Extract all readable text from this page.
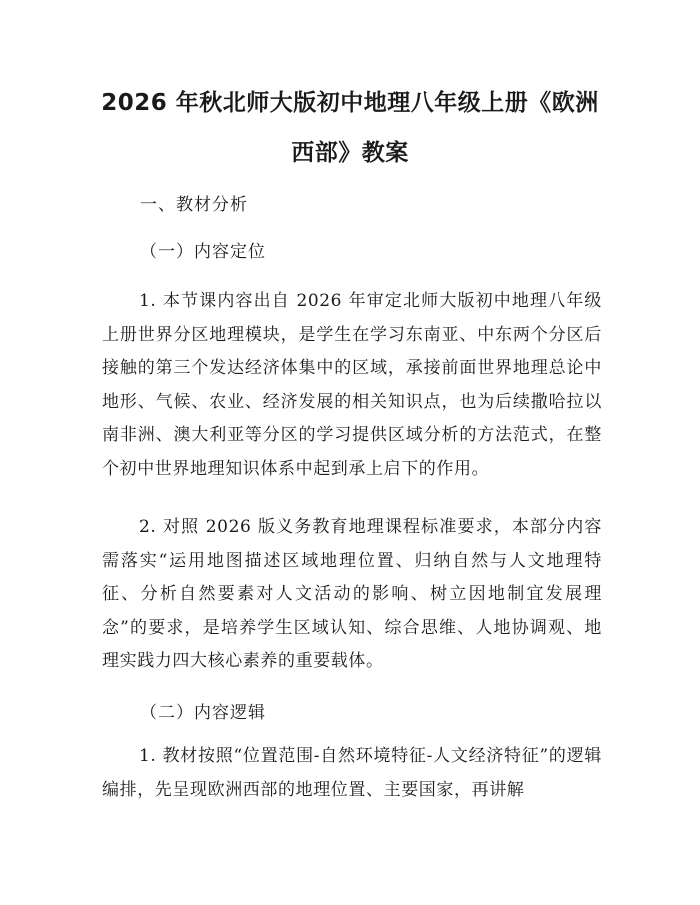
2026 年秋北师大版初中地理八年级上册《欧洲西部》教案

一、教材分析

（一）内容定位

1. 本节课内容出自 2026 年审定北师大版初中地理八年级上册世界分区地理模块，是学生在学习东南亚、中东两个分区后接触的第三个发达经济体集中的区域，承接前面世界地理总论中地形、气候、农业、经济发展的相关知识点，也为后续撒哈拉以南非洲、澳大利亚等分区的学习提供区域分析的方法范式，在整个初中世界地理知识体系中起到承上启下的作用。

2. 对照 2026 版义务教育地理课程标准要求，本部分内容需落实“运用地图描述区域地理位置、归纳自然与人文地理特征、分析自然要素对人文活动的影响、树立因地制宜发展理念”的要求，是培养学生区域认知、综合思维、人地协调观、地理实践力四大核心素养的重要载体。

（二）内容逻辑

1. 教材按照“位置范围-自然环境特征-人文经济特征”的逻辑编排，先呈现欧洲西部的地理位置、主要国家，再讲解
